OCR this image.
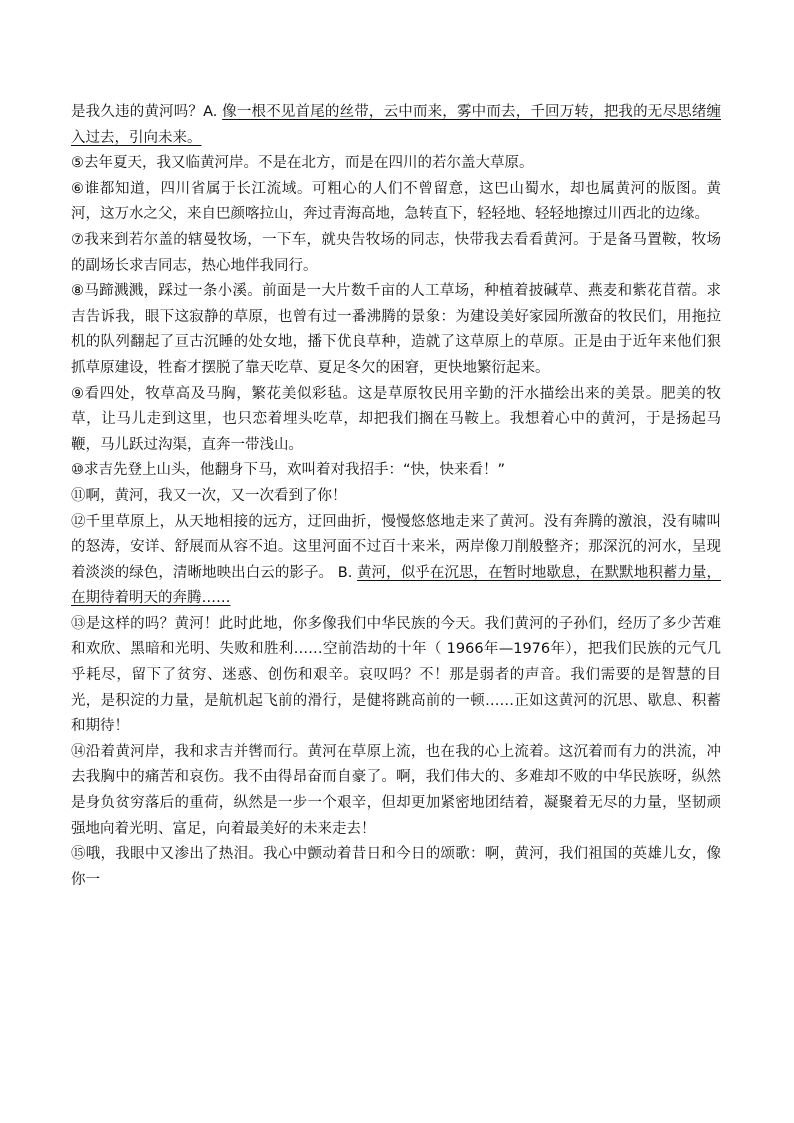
是我久违的黄河吗？A. 像一根不见首尾的丝带，云中而来，雾中而去，千回万转，把我的无尽思绪缠入过去，引向未来。

⑤去年夏天，我又临黄河岸。不是在北方，而是在四川的若尔盖大草原。

⑥谁都知道，四川省属于长江流域。可粗心的人们不曾留意，这巴山蜀水，却也属黄河的版图。黄河，这万水之父，来自巴颜喀拉山，奔过青海高地，急转直下，轻轻地、轻轻地擦过川西北的边缘。

⑦我来到若尔盖的辖曼牧场，一下车，就央告牧场的同志，快带我去看看黄河。于是备马置鞍，牧场的副场长求吉同志，热心地伴我同行。

⑧马蹄溅溅，踩过一条小溪。前面是一大片数千亩的人工草场，种植着披碱草、燕麦和紫花苜蓿。求吉告诉我，眼下这寂静的草原，也曾有过一番沸腾的景象：为建设美好家园所激奋的牧民们，用拖拉机的队列翻起了亘古沉睡的处女地，播下优良草种，造就了这草原上的草原。正是由于近年来他们狠抓草原建设，牲畜才摆脱了靠天吃草、夏足冬欠的困窘，更快地繁衍起来。

⑨看四处，牧草高及马胸，繁花美似彩毡。这是草原牧民用辛勤的汗水描绘出来的美景。肥美的牧草，让马儿走到这里，也只恋着埋头吃草，却把我们搁在马鞍上。我想着心中的黄河，于是扬起马鞭，马儿跃过沟渠，直奔一带浅山。

⑩求吉先登上山头，他翻身下马，欢叫着对我招手：“快，快来看！”

⑪啊，黄河，我又一次，又一次看到了你！

⑫千里草原上，从天地相接的远方，迂回曲折，慢慢悠悠地走来了黄河。没有奔腾的激浪，没有啸叫的怒涛，安详、舒展而从容不迫。这里河面不过百十来米，两岸像刀削般整齐；那深沉的河水，呈现着淡淡的绿色，清晰地映出白云的影子。 B. 黄河，似乎在沉思，在暂时地歇息，在默默地积蓄力量，在期待着明天的奔腾……

⑬是这样的吗？黄河！此时此地，你多像我们中华民族的今天。我们黄河的子孙们，经历了多少苦难和欢欣、黑暗和光明、失败和胜利……空前浩劫的十年（ 1966年—1976年），把我们民族的元气几乎耗尽，留下了贫穷、迷惑、创伤和艰辛。哀叹吗？不！那是弱者的声音。我们需要的是智慧的目光，是积淀的力量，是航机起飞前的滑行，是健将跳高前的一顿……正如这黄河的沉思、歇息、积蓄和期待！

⑭沿着黄河岸，我和求吉并辔而行。黄河在草原上流，也在我的心上流着。这沉着而有力的洪流，冲去我胸中的痛苦和哀伤。我不由得昂奋而自豪了。啊，我们伟大的、多难却不败的中华民族呀，纵然是身负贫穷落后的重荷，纵然是一步一个艰辛，但却更加紧密地团结着，凝聚着无尽的力量，坚韧顽强地向着光明、富足，向着最美好的未来走去！

⑮哦，我眼中又渗出了热泪。我心中颤动着昔日和今日的颂歌：啊，黄河，我们祖国的英雄儿女，像你一
